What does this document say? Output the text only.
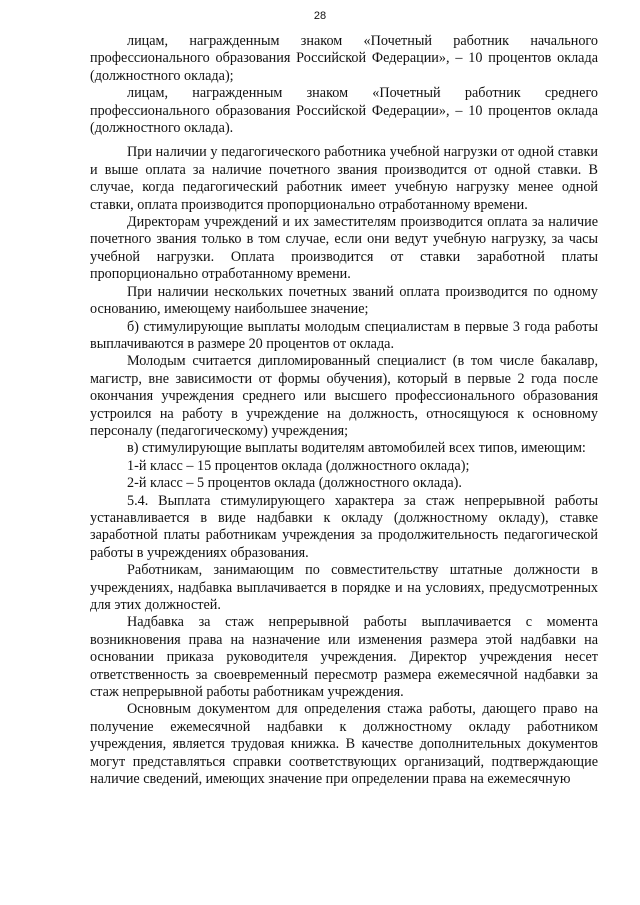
28

лицам, награжденным знаком «Почетный работник начального профессионального образования Российской Федерации», – 10 процентов оклада (должностного оклада);

лицам, награжденным знаком «Почетный работник среднего профессионального образования Российской Федерации», – 10 процентов оклада (должностного оклада).

При наличии у педагогического работника учебной нагрузки от одной ставки и выше оплата за наличие почетного звания производится от одной ставки. В случае, когда педагогический работник имеет учебную нагрузку менее одной ставки, оплата производится пропорционально отработанному времени.

Директорам учреждений и их заместителям производится оплата за наличие почетного звания только в том случае, если они ведут учебную нагрузку, за часы учебной нагрузки. Оплата производится от ставки заработной платы пропорционально отработанному времени.

При наличии нескольких почетных званий оплата производится по одному основанию, имеющему наибольшее значение;

б) стимулирующие выплаты молодым специалистам в первые 3 года работы выплачиваются в размере 20 процентов от оклада.

Молодым считается дипломированный специалист (в том числе бакалавр, магистр, вне зависимости от формы обучения), который в первые 2 года после окончания учреждения среднего или высшего профессионального образования устроился на работу в учреждение на должность, относящуюся к основному персоналу (педагогическому) учреждения;

в) стимулирующие выплаты водителям автомобилей всех типов, имеющим:

1-й класс – 15 процентов оклада (должностного оклада);

2-й класс – 5 процентов оклада (должностного оклада).

5.4. Выплата стимулирующего характера за стаж непрерывной работы устанавливается в виде надбавки к окладу (должностному окладу), ставке заработной платы работникам учреждения за продолжительность педагогической работы в учреждениях образования.

Работникам, занимающим по совместительству штатные должности в учреждениях, надбавка выплачивается в порядке и на условиях, предусмотренных для этих должностей.

Надбавка за стаж непрерывной работы выплачивается с момента возникновения права на назначение или изменения размера этой надбавки на основании приказа руководителя учреждения. Директор учреждения несет ответственность за своевременный пересмотр размера ежемесячной надбавки за стаж непрерывной работы работникам учреждения.

Основным документом для определения стажа работы, дающего право на получение ежемесячной надбавки к должностному окладу работником учреждения, является трудовая книжка. В качестве дополнительных документов могут представляться справки соответствующих организаций, подтверждающие наличие сведений, имеющих значение при определении права на ежемесячную
